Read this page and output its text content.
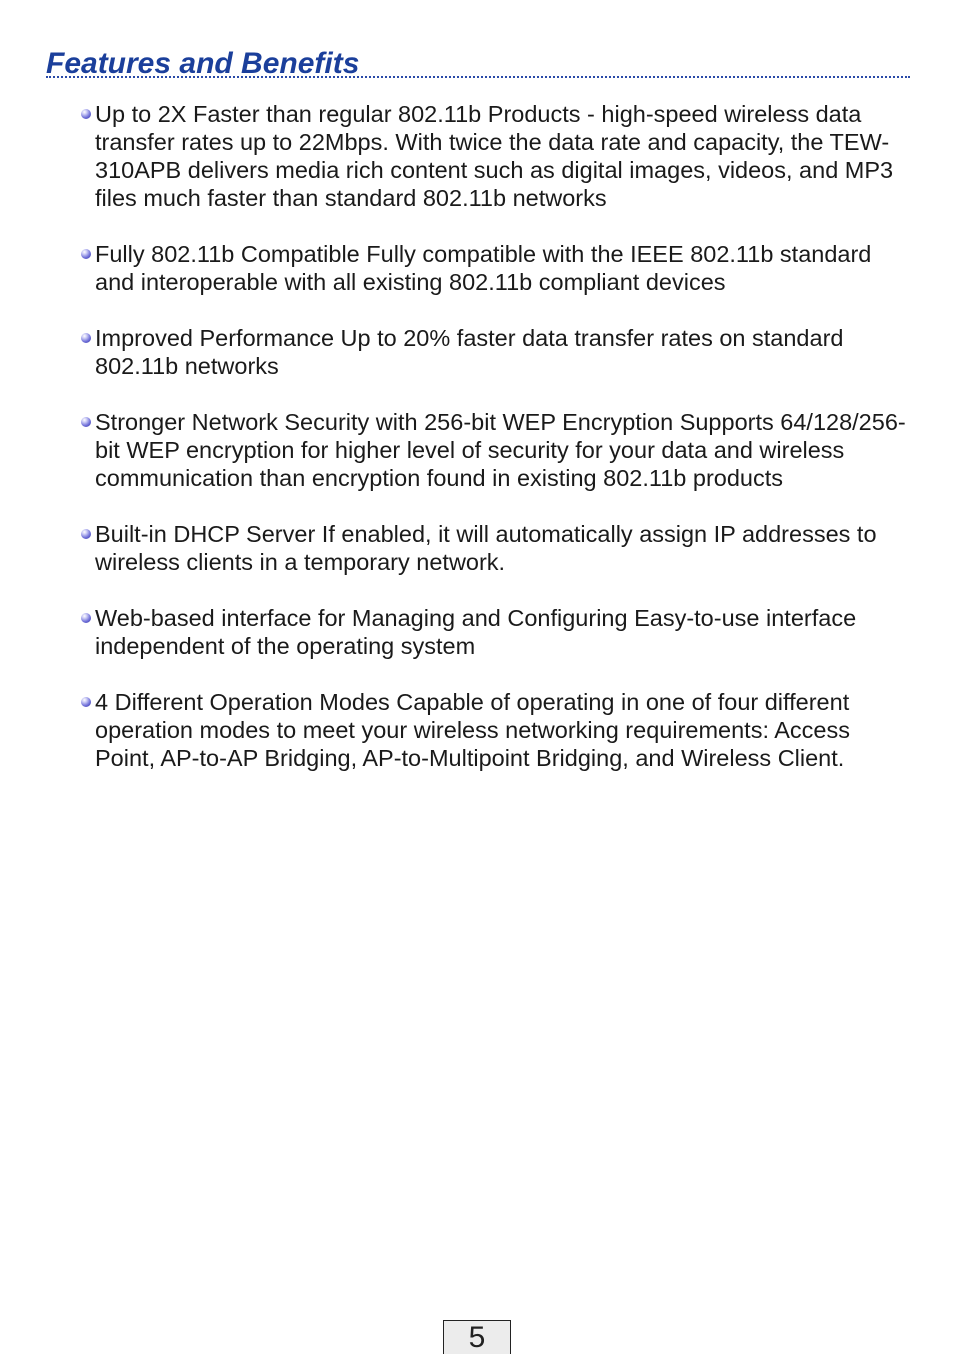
Features and Benefits
Up to 2X Faster than regular 802.11b Products - high-speed wireless data transfer rates up to 22Mbps. With twice the data rate and capacity, the TEW-310APB delivers media rich content such as digital images, videos, and MP3 files much faster than standard 802.11b networks
Fully 802.11b Compatible Fully compatible with the IEEE 802.11b standard and interoperable with all existing 802.11b compliant devices
Improved Performance Up to 20% faster data transfer rates on standard 802.11b networks
Stronger Network Security with 256-bit WEP Encryption Supports 64/128/256-bit WEP encryption for higher level of security for your data and wireless communication than encryption found in existing 802.11b products
Built-in DHCP Server If enabled, it will automatically assign IP addresses to wireless clients in a temporary network.
Web-based interface for Managing and Configuring Easy-to-use interface independent of the operating system
4 Different Operation Modes Capable of operating in one of four different operation modes to meet your wireless networking requirements: Access Point, AP-to-AP Bridging, AP-to-Multipoint Bridging, and Wireless Client.
5
